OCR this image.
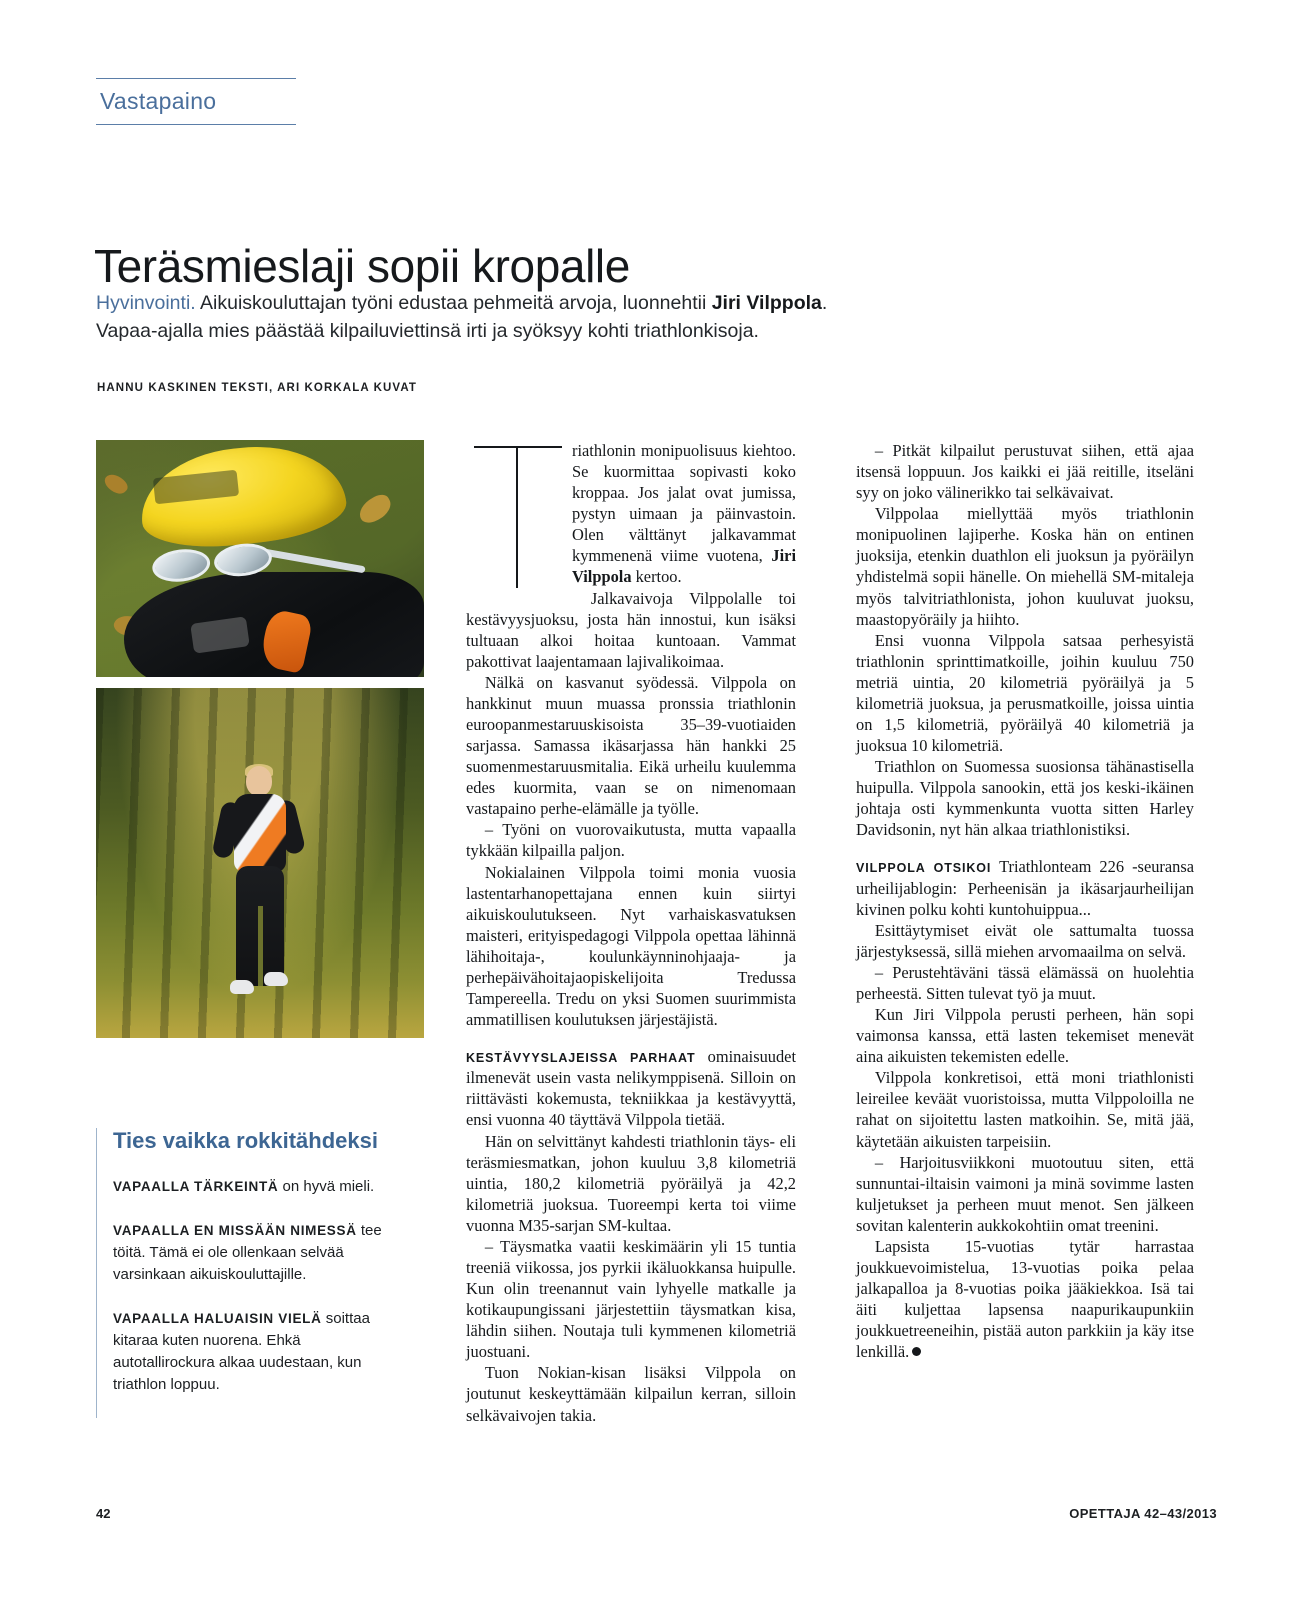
Vastapaino
Teräsmieslaji sopii kropalle
Hyvinvointi. Aikuiskouluttajan työni edustaa pehmeitä arvoja, luonnehtii Jiri Vilppola. Vapaa-ajalla mies päästää kilpailuviettinsä irti ja syöksyy kohti triathlonkisoja.
HANNU KASKINEN TEKSTI, ARI KORKALA KUVAT
Ties vaikka rokkitähdeksi
VAPAALLA TÄRKEINTÄ on hyvä mieli.
VAPAALLA EN MISSÄÄN NIMESSÄ tee töitä. Tämä ei ole ollenkaan selvää varsinkaan aikuiskouluttajille.
VAPAALLA HALUAISIN VIELÄ soittaa kitaraa kuten nuorena. Ehkä autotallirockura alkaa uudestaan, kun triathlon loppuu.

riathlonin monipuolisuus kiehtoo. Se kuormittaa sopivasti koko kroppaa. Jos jalat ovat jumissa, pystyn uimaan ja päinvastoin. Olen välttänyt jalkavammat kymmenenä viime vuotena, Jiri Vilppola kertoo.

Jalkavaivoja Vilppolalle toi kestävyysjuoksu, josta hän innostui, kun isäksi tultuaan alkoi hoitaa kuntoaan. Vammat pakottivat laajentamaan lajivalikoimaa.

Nälkä on kasvanut syödessä. Vilppola on hankkinut muun muassa pronssia triathlonin euroopanmestaruuskisoista 35–39-vuotiaiden sarjassa. Samassa ikäsarjassa hän hankki 25 suomenmestaruusmitalia. Eikä urheilu kuulemma edes kuormita, vaan se on nimenomaan vastapaino perhe-elämälle ja työlle.

– Työni on vuorovaikutusta, mutta vapaalla tykkään kilpailla paljon.

Nokialainen Vilppola toimi monia vuosia lastentarhanopettajana ennen kuin siirtyi aikuiskoulutukseen. Nyt varhaiskasvatuksen maisteri, erityispedagogi Vilppola opettaa lähinnä lähihoitaja-, koulunkäynninohjaaja- ja perhepäivähoitajaopiskelijoita Tredussa Tampereella. Tredu on yksi Suomen suurimmista ammatillisen koulutuksen järjestäjistä.

KESTÄVYYSLAJEISSA PARHAAT ominaisuudet ilmenevät usein vasta nelikymppisenä. Silloin on riittävästi kokemusta, tekniikkaa ja kestävyyttä, ensi vuonna 40 täyttävä Vilppola tietää.

Hän on selvittänyt kahdesti triathlonin täys- eli teräsmiesmatkan, johon kuuluu 3,8 kilometriä uintia, 180,2 kilometriä pyöräilyä ja 42,2 kilometriä juoksua. Tuoreempi kerta toi viime vuonna M35-sarjan SM-kultaa.

– Täysmatka vaatii keskimäärin yli 15 tuntia treeniä viikossa, jos pyrkii ikäluokkansa huipulle. Kun olin treenannut vain lyhyelle matkalle ja kotikaupungissani järjestettiin täysmatkan kisa, lähdin siihen. Noutaja tuli kymmenen kilometriä juostuani.

Tuon Nokian-kisan lisäksi Vilppola on joutunut keskeyttämään kilpailun kerran, silloin selkävaivojen takia.

– Pitkät kilpailut perustuvat siihen, että ajaa itsensä loppuun. Jos kaikki ei jää reitille, itseläni syy on joko välinerikko tai selkävaivat.

Vilppolaa miellyttää myös triathlonin monipuolinen lajiperhe. Koska hän on entinen juoksija, etenkin duathlon eli juoksun ja pyöräilyn yhdistelmä sopii hänelle. On miehellä SM-mitaleja myös talvitriathlonista, johon kuuluvat juoksu, maastopyöräily ja hiihto.

Ensi vuonna Vilppola satsaa perhesyistä triathlonin sprinttimatkoille, joihin kuuluu 750 metriä uintia, 20 kilometriä pyöräilyä ja 5 kilometriä juoksua, ja perusmatkoille, joissa uintia on 1,5 kilometriä, pyöräilyä 40 kilometriä ja juoksua 10 kilometriä.

Triathlon on Suomessa suosionsa tähänastisella huipulla. Vilppola sanookin, että jos keski-ikäinen johtaja osti kymmenkunta vuotta sitten Harley Davidsonin, nyt hän alkaa triathlonistiksi.

VILPPOLA OTSIKOI Triathlonteam 226 -seuransa urheilijablogin: Perheenisän ja ikäsarjaurheilijan kivinen polku kohti kuntohuippua...

Esittäytymiset eivät ole sattumalta tuossa järjestyksessä, sillä miehen arvomaailma on selvä.

– Perustehtäväni tässä elämässä on huolehtia perheestä. Sitten tulevat työ ja muut.

Kun Jiri Vilppola perusti perheen, hän sopi vaimonsa kanssa, että lasten tekemiset menevät aina aikuisten tekemisten edelle.

Vilppola konkretisoi, että moni triathlonisti leireilee keväät vuoristoissa, mutta Vilppoloilla ne rahat on sijoitettu lasten matkoihin. Se, mitä jää, käytetään aikuisten tarpeisiin.

– Harjoitusviikkoni muotoutuu siten, että sunnuntai-iltaisin vaimoni ja minä sovimme lasten kuljetukset ja perheen muut menot. Sen jälkeen sovitan kalenterin aukkokohtiin omat treenini.

Lapsista 15-vuotias tytär harrastaa joukkuevoimistelua, 13-vuotias poika pelaa jalkapalloa ja 8-vuotias poika jääkiekkoa. Isä tai äiti kuljettaa lapsensa naapurikaupunkiin joukkuetreeneihin, pistää auton parkkiin ja käy itse lenkillä.

42	OPETTAJA 42–43/2013
